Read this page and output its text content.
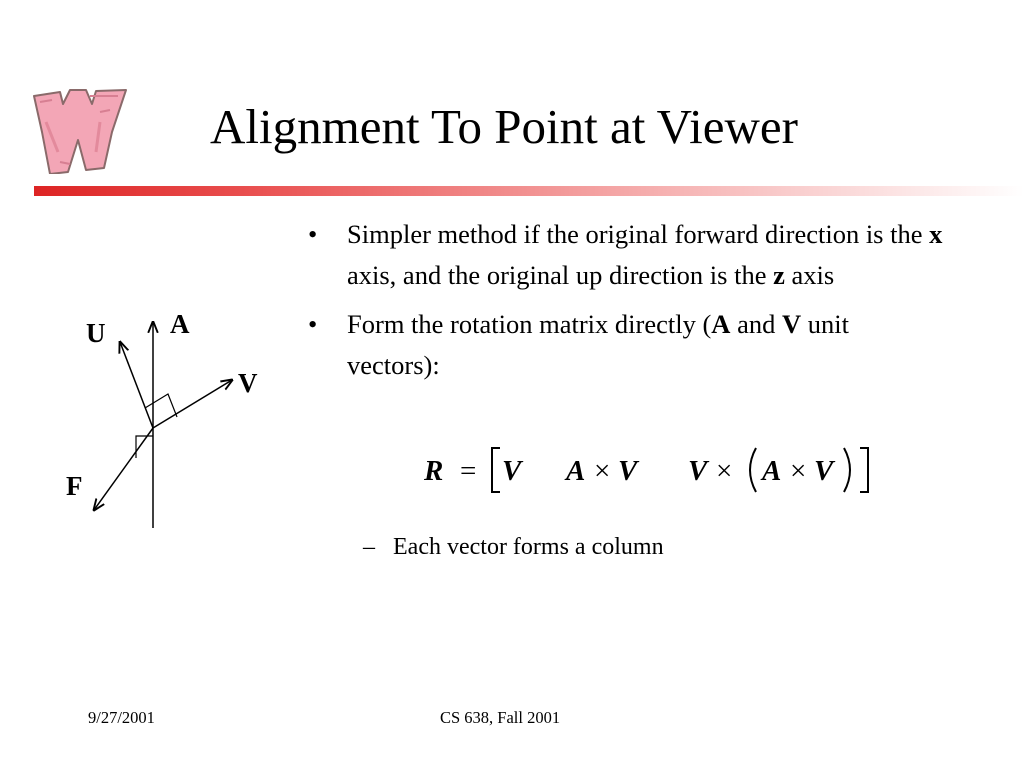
Alignment To Point at Viewer
U A
V
F
• Simpler method if the original forward direction is the x axis, and the original up direction is the z axis
• Form the rotation matrix directly (A and V unit vectors):
R = V A × V V × A × V
– Each vector forms a column
9/27/2001	CS 638, Fall 2001
